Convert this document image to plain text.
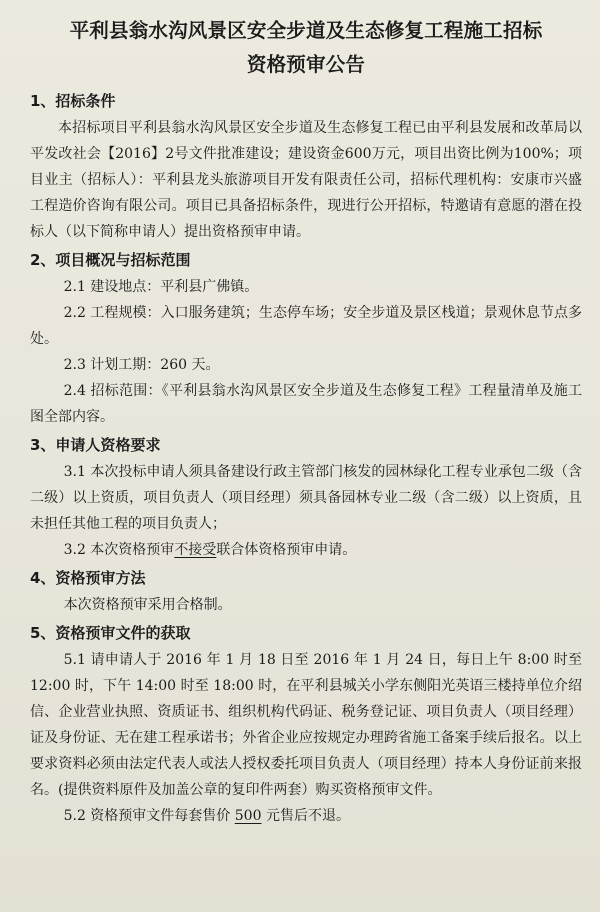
平利县翁水沟风景区安全步道及生态修复工程施工招标
资格预审公告
1、招标条件

本招标项目平利县翁水沟风景区安全步道及生态修复工程已由平利县发展和改革局以平发改社会【2016】2号文件批准建设；建设资金600万元，项目出资比例为100%；项目业主（招标人）：平利县龙头旅游项目开发有限责任公司，招标代理机构：安康市兴盛工程造价咨询有限公司。项目已具备招标条件，现进行公开招标，特邀请有意愿的潜在投标人（以下简称申请人）提出资格预审申请。

2、项目概况与招标范围

2.1 建设地点：平利县广佛镇。

2.2 工程规模：入口服务建筑；生态停车场；安全步道及景区栈道；景观休息节点多处。

2.3 计划工期：260 天。

2.4 招标范围：《平利县翁水沟风景区安全步道及生态修复工程》工程量清单及施工图全部内容。

3、申请人资格要求

3.1 本次投标申请人须具备建设行政主管部门核发的园林绿化工程专业承包二级（含二级）以上资质，项目负责人（项目经理）须具备园林专业二级（含二级）以上资质，且未担任其他工程的项目负责人；

3.2 本次资格预审不接受联合体资格预审申请。

4、资格预审方法

本次资格预审采用合格制。

5、资格预审文件的获取

5.1 请申请人于 2016 年 1 月 18 日至 2016 年 1 月 24 日，每日上午 8:00 时至 12:00 时，下午 14:00 时至 18:00 时，在平利县城关小学东侧阳光英语三楼持单位介绍信、企业营业执照、资质证书、组织机构代码证、税务登记证、项目负责人（项目经理）证及身份证、无在建工程承诺书；外省企业应按规定办理跨省施工备案手续后报名。以上要求资料必须由法定代表人或法人授权委托项目负责人（项目经理）持本人身份证前来报名。(提供资料原件及加盖公章的复印件两套）购买资格预审文件。

5.2 资格预审文件每套售价 500 元售后不退。
